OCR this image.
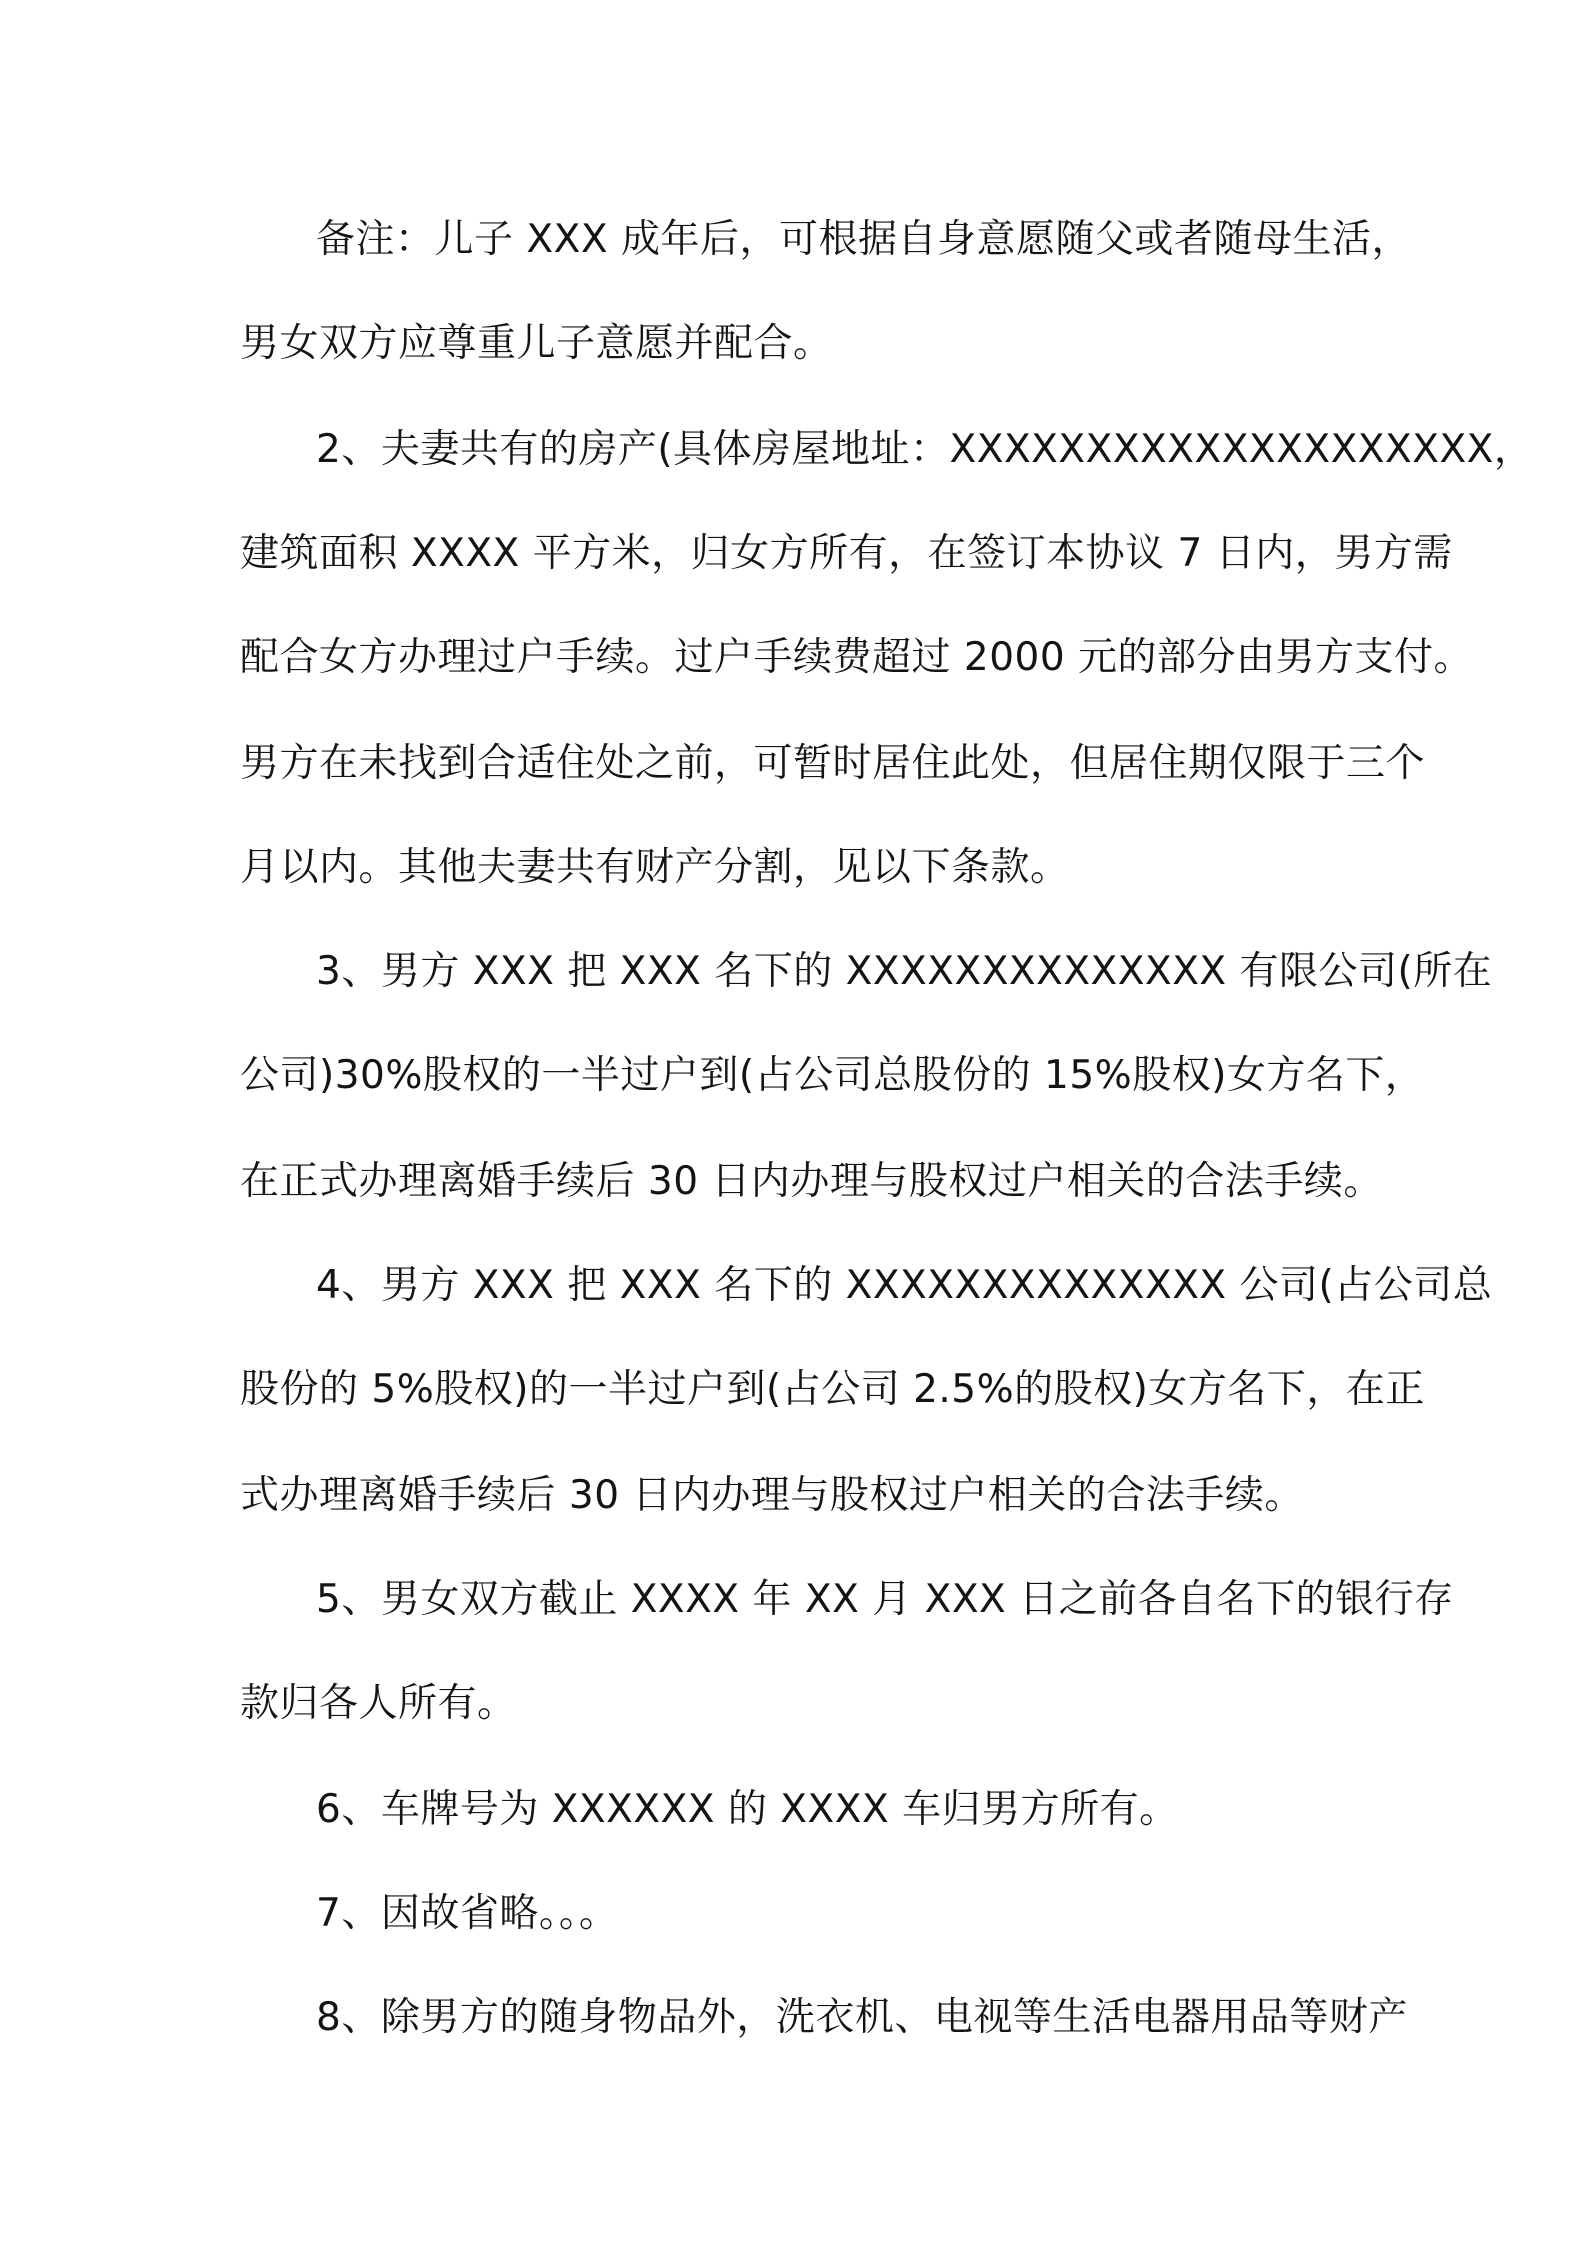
备注：儿子 XXX 成年后，可根据自身意愿随父或者随母生活，
男女双方应尊重儿子意愿并配合。
2、夫妻共有的房产(具体房屋地址：XXXXXXXXXXXXXXXXXXXX，
建筑面积 XXXX 平方米，归女方所有，在签订本协议 7 日内，男方需
配合女方办理过户手续。过户手续费超过 2000 元的部分由男方支付。
男方在未找到合适住处之前，可暂时居住此处，但居住期仅限于三个
月以内。其他夫妻共有财产分割，见以下条款。
3、男方 XXX 把 XXX 名下的 XXXXXXXXXXXXXX 有限公司(所在
公司)30%股权的一半过户到(占公司总股份的 15%股权)女方名下，
在正式办理离婚手续后 30 日内办理与股权过户相关的合法手续。
4、男方 XXX 把 XXX 名下的 XXXXXXXXXXXXXX 公司(占公司总
股份的 5%股权)的一半过户到(占公司 2.5%的股权)女方名下，在正
式办理离婚手续后 30 日内办理与股权过户相关的合法手续。
5、男女双方截止 XXXX 年 XX 月 XXX 日之前各自名下的银行存
款归各人所有。
6、车牌号为 XXXXXX 的 XXXX 车归男方所有。
7、因故省略。。。
8、除男方的随身物品外，洗衣机、电视等生活电器用品等财产
